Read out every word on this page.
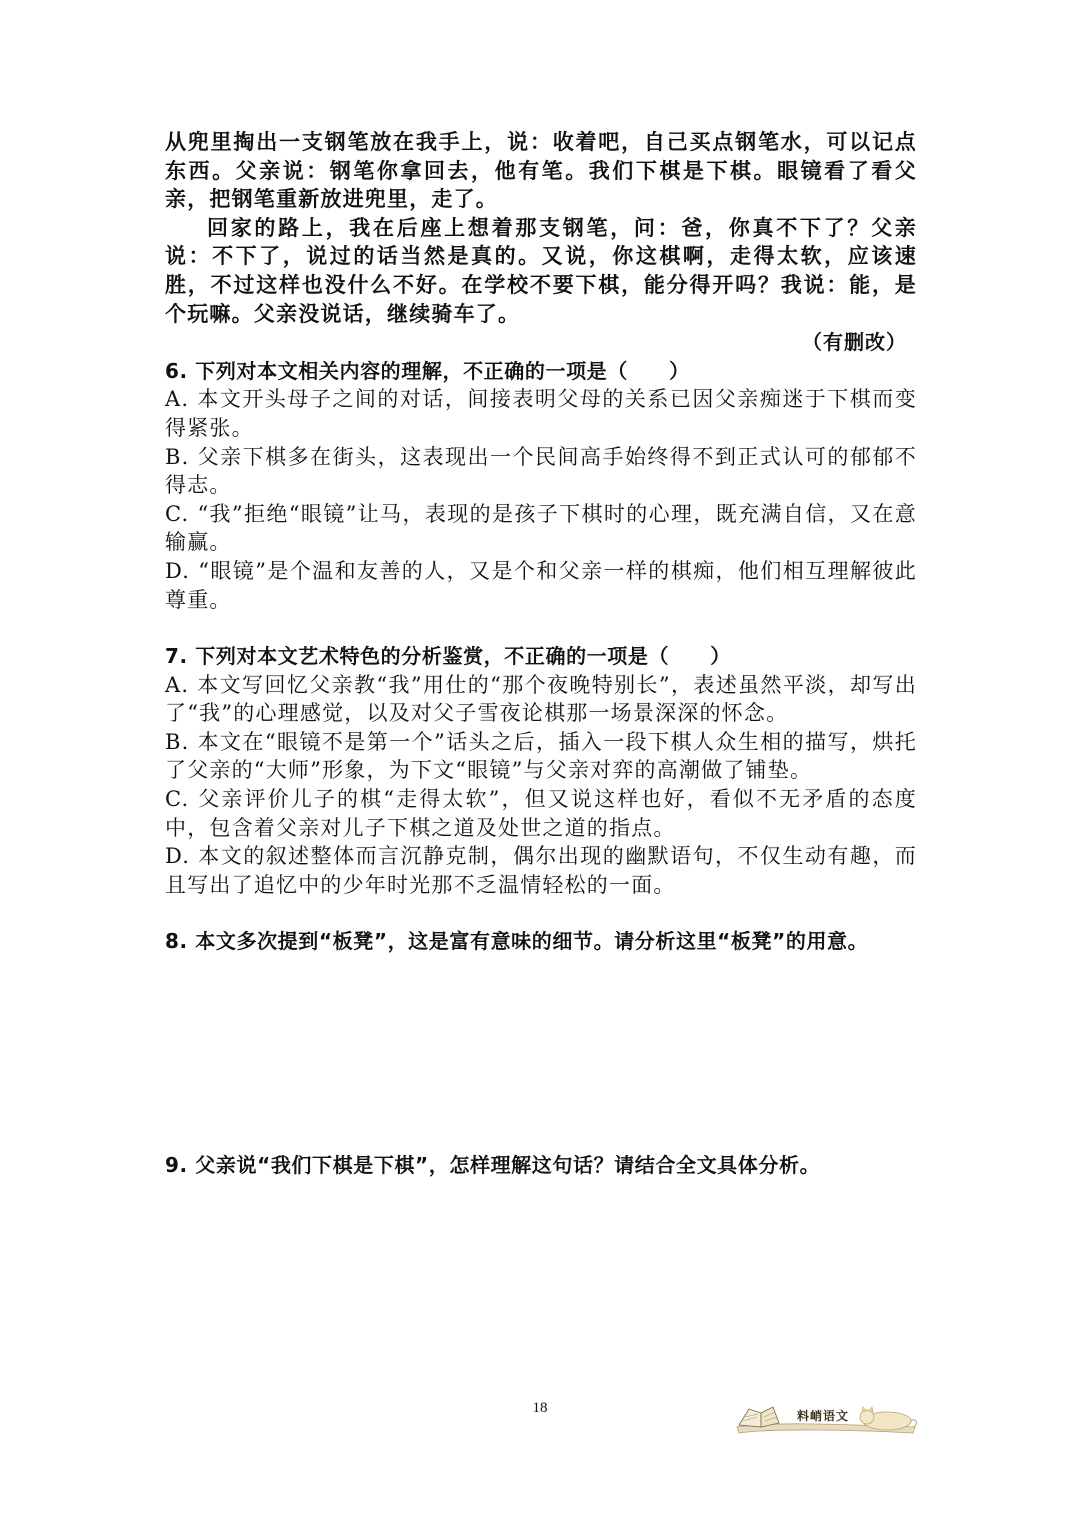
从兜里掏出一支钢笔放在我手上，说：收着吧，自己买点钢笔水，可以记点东西。父亲说：钢笔你拿回去，他有笔。我们下棋是下棋。眼镜看了看父亲，把钢笔重新放进兜里，走了。

回家的路上，我在后座上想着那支钢笔，问：爸，你真不下了？父亲说：不下了，说过的话当然是真的。又说，你这棋啊，走得太软，应该速胜，不过这样也没什么不好。在学校不要下棋，能分得开吗？我说：能，是个玩嘛。父亲没说话，继续骑车了。

（有删改）

6. 下列对本文相关内容的理解，不正确的一项是（　　）

A. 本文开头母子之间的对话，间接表明父母的关系已因父亲痴迷于下棋而变得紧张。

B. 父亲下棋多在街头，这表现出一个民间高手始终得不到正式认可的郁郁不得志。

C. “我”拒绝“眼镜”让马，表现的是孩子下棋时的心理，既充满自信，又在意输赢。

D. “眼镜”是个温和友善的人，又是个和父亲一样的棋痴，他们相互理解彼此尊重。

7. 下列对本文艺术特色的分析鉴赏，不正确的一项是（　　）

A. 本文写回忆父亲教“我”用仕的“那个夜晚特别长”，表述虽然平淡，却写出了“我”的心理感觉，以及对父子雪夜论棋那一场景深深的怀念。

B. 本文在“眼镜不是第一个”话头之后，插入一段下棋人众生相的描写，烘托了父亲的“大师”形象，为下文“眼镜”与父亲对弈的高潮做了铺垫。

C. 父亲评价儿子的棋“走得太软”，但又说这样也好，看似不无矛盾的态度中，包含着父亲对儿子下棋之道及处世之道的指点。

D. 本文的叙述整体而言沉静克制，偶尔出现的幽默语句，不仅生动有趣，而且写出了追忆中的少年时光那不乏温情轻松的一面。

8. 本文多次提到“板凳”，这是富有意味的细节。请分析这里“板凳”的用意。

9. 父亲说“我们下棋是下棋”，怎样理解这句话？请结合全文具体分析。

18	料峭语文
